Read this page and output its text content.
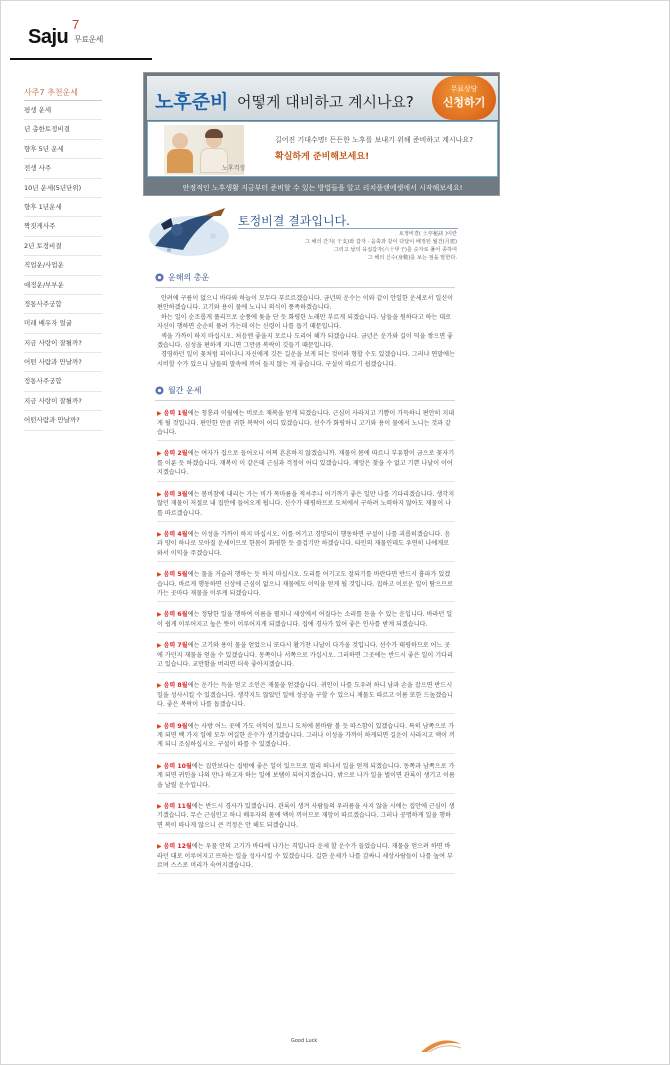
Saju
7
무료운세
사주7 추천운세
평생 운세
년 총한토정비결
향후 5년 운세
전생 사주
10년 운세(5년단위)
향후 1년운세
짝짓게사주
2년 토정비결
직업운/사업운
애정운/부부운
정통사주궁합
미래 배우자 얼굴
지금 사랑이 잘될까?
어떤 사람과 만날까?
정통사주궁합
지금 사랑이 잘될까?
어떤사람과 만날까?
노후준비 어떻게 대비하고 계시나요?
무료상담
신청하기
노후걱정
길어진 기대수명! 든든한 노후를 보내기 위해 준비하고 계시나요?
확실하게 준비해보세요!
안정적인 노후생활 지금부터 준비할 수 있는 방법들을 알고 리치플랜에셋에서 시작해보세요!
토정비결 결과입니다.
토정비결( 土亭秘訣 )이란
그 해의 간지( 干支)와 갑자 · 음축과 같이 다달이 배정된 월건(月建)
그리고 날의 육십갑자(六十甲子)를 숫자로 풀어 종하여
그 해의 신수(身數)를 보는 점을 말한다.
운해의 총운

안려에 구름이 없으니 바다와 하늘이 모두다 푸르르겠습니다. 금년의 운수는 이와 같이 안일한 운세로서 일신이 편안하겠습니다. 고기와 용이 물에 노니니 의식이 풍족하겠습니다.

하는 일이 순조롭게 풀리므로 순풍에 돛을 단 듯 화평한 노래만 부르게 되겠습니다. 남들을 원하다고 하는 대로 자신이 행하면 순순히 풀려 가는데 이는 신령이 나를 돕기 때문입니다.

색을 가까이 하지 마십시오. 처음엔 좋을지 모르나 도리어 해가 되겠습니다. 금년은 운가와 길이 덕을 쌓으면 좋겠습니다. 심성을 편하게 지니면 그만큼 복락이 깃들기 때문입니다.

경영하던 일이 꽃처럼 피어나니 자신에게 깃든 길운을 보게 되는 것이라 형할 수도 있겠습니다. 그러나 연말에는 시비할 수가 있으니 남들의 말속에 끼어 들지 않는 게 좋습니다. 구설이 따르기 쉽겠습니다.

월간 운세
▶ 음력 1월에는 청룡과 이월에는 비로소 재복을 얻게 되겠습니다. 근심이 사라지고 기쁨이 가득하니 편안히 지내게 될 것입니다. 편안한 만큼 귀한 복락이 어디 있겠습니다. 선수가 화평하니 고기와 용이 물에서 노니는 것과 같습니다.
▶ 음력 2월에는 여자가 집으로 들어오니 어찌 흔흔하지 않겠습니까. 재물이 몸에 따르니 부유함이 금으로 꽃자기를 이룬 듯 하겠습니다. 재복이 이 같은데 근심과 걱정이 어디 있겠습니다. 재앙은 찾을 수 없고 기쁜 나날이 이어지겠습니다.
▶ 음력 3월에는 봄비참에 내리는 가는 비가 목마름을 적셔주니 어기까기 좋은 일만 나를 기다리겠습니다. 생각지 않던 재물이 저절로 내 집안에 들어오게 됩니다. 신수가 태평하므로 도처에서 구하려 노력하지 않아도 재물이 나를 따르겠습니다.
▶ 음력 4월에는 이성을 가까이 하지 마십시오. 이를 어기고 경망되이 행동하면 구설이 나를 괴롭히겠습니다. 음과 양이 하나로 모아질 운세이므로 한몸이 화평한 듯 즐겁기만 하겠습니다. 타인의 재물인데도 우연히 나에게로 와서 이익을 주겠습니다.
▶ 음력 5월에는 물을 거슬러 행하는 듯 하지 마십시오. 도리를 어기고도 잘되기를 바란다면 반드시 흉파가 있겠습니다. 바르게 행동하면 신상에 근심이 없으니 재물에도 이익을 얻게 될 것입니다. 집하고 이로운 일이 탐으므로 가는 곳마다 재물을 이루게 되겠습니다.
▶ 음력 6월에는 정당한 일을 행하여 이름을 펼치니 세상에서 어질다는 소리를 듣을 수 있는 운입니다. 바라던 일이 쉽게 이루어지고 높은 뜻이 이루어지게 되겠습니다. 집에 경사가 있어 좋은 인사를 받게 되겠습니다.
▶ 음력 7월에는 고기와 용이 물을 얻었으니 또다시 활기찬 나날이 다가올 것입니다. 선수가 태평하므로 어느 곳에 가던지 재물을 얻을 수 있겠습니다. 동쪽이나 서쪽으로 가십시오. 그러하면 그곳에는 반드시 좋은 일이 기다리고 있습니다. 교만함을 버리면 더욱 좋아지겠습니다.
▶ 음력 8월에는 운가는 득을 얻고 소인은 재물을 얻겠습니다. 귀인이 나를 도우려 하니 남과 손을 잡으면 반드시 일을 성사시킬 수 있겠습니다. 생각지도 않았던 일에 성공을 구할 수 있으니 재물도 따르고 이름 또한 드높겠습니다. 좋은 복락이 나를 돕겠습니다.
▶ 음력 9월에는 사방 어느 곳에 가도 이익이 있으니 도처에 봄바람 볼 듯 따스함이 있겠습니다. 특히 남쪽으로 가게 되면 백 가지 일에 모두 여길한 운수가 생기겠습니다. 그러나 이성을 가까이 하게되면 길운이 사라지고 액이 끼게 되니 조심하십시오. 구설이 따를 수 있겠습니다.
▶ 음력 10월에는 집안보다는 집밖에 좋은 일이 있으므로 멀리 떠나서 일을 얻게 되겠습니다. 동쪽과 남쪽으로 가게 되면 귀인을 나의 만나 하고자 하는 일에 보탬이 되어지겠습니다. 밖으로 나가 일을 벌이면 관록이 생기고 이름을 날릴 운수입니다.
▶ 음력 11월에는 반드시 경사가 있겠습니다. 관록이 생겨 사람들의 우러름을 사지 않을 시에는 집안에 근심이 생기겠습니다. 무슨 근심인고 하니 배우자의 몸에 액이 끼이므로 재앙이 따르겠습니다. 그러나 공명하게 일을 행하면 복이 따나게 않으니 큰 걱정은 안 해도 되겠습니다.
▶ 음력 12월에는 우물 안의 고기가 바다에 나가는 격입니다 운세 할 운수가 들었습니다. 재물을 얻으려 하면 바라던 대로 이루어지고 뜨하는 일을 성사시킬 수 있겠습니다. 길한 운세가 나를 감싸니 세상사람들이 나를 높여 부르며 스스로 머리가 숙여지겠습니다.
Good Luck
